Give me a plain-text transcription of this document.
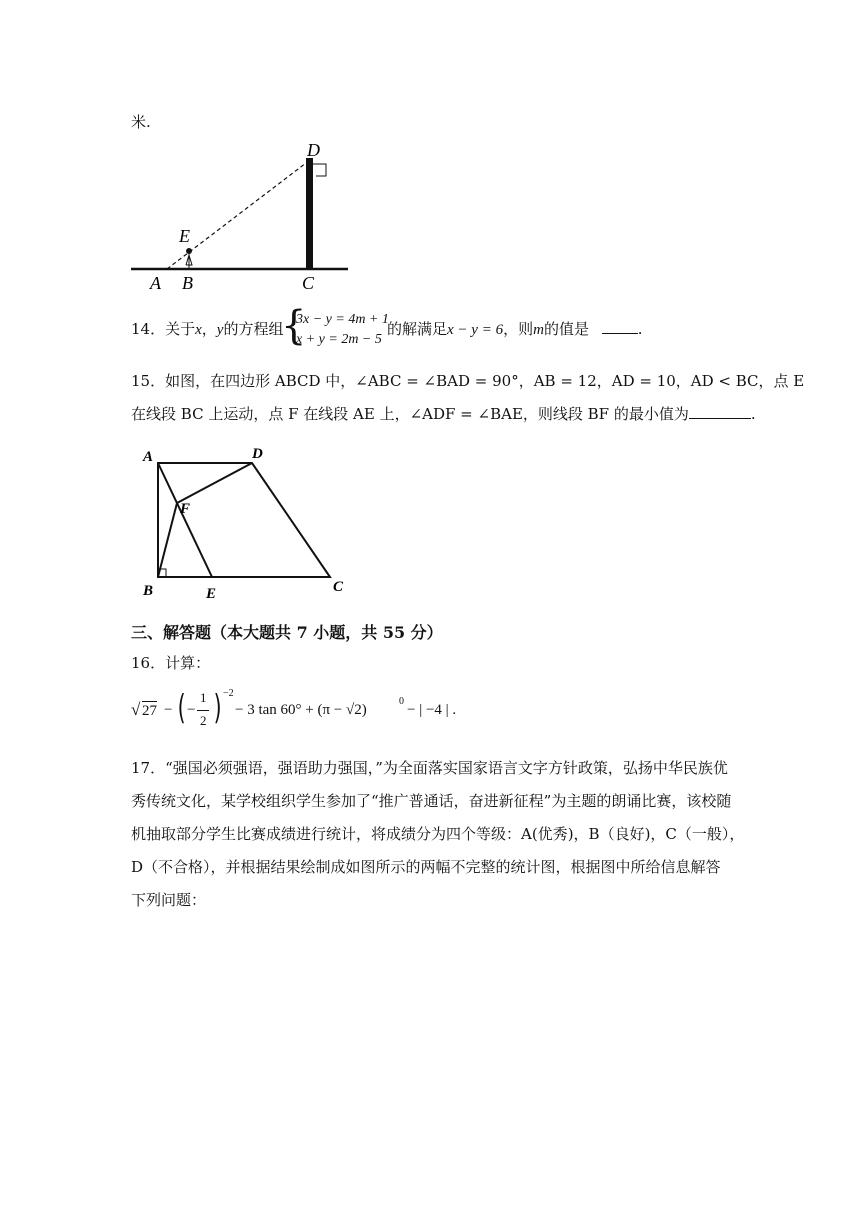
米.
D
E
A B	C
14．关于x，y的方程组
{
3x − y = 4m + 1
x + y = 2m − 5
的解满足x − y = 6，则m的值是	.
15．如图，在四边形 ABCD 中，∠ABC = ∠BAD = 90°，AB = 12，AD = 10，AD < BC，点 E
在线段 BC 上运动，点 F 在线段 AE 上，∠ADF = ∠BAE，则线段 BF 的最小值为	.
A	D
F
B	E	C
三、解答题（本大题共 7 小题，共 55 分）
16．计算：
√ 27 − ( −
1
2 ) −2
− 3 tan 60° + (π − √2)
0
− | −4 | .
17．“强国必须强语，强语助力强国，”为全面落实国家语言文字方针政策，弘扬中华民族优
秀传统文化，某学校组织学生参加了“推广普通话，奋进新征程”为主题的朗诵比赛，该校随
机抽取部分学生比赛成绩进行统计，将成绩分为四个等级：A(优秀)，B（良好)，C（一般），
D（不合格），并根据结果绘制成如图所示的两幅不完整的统计图，根据图中所给信息解答
下列问题：
